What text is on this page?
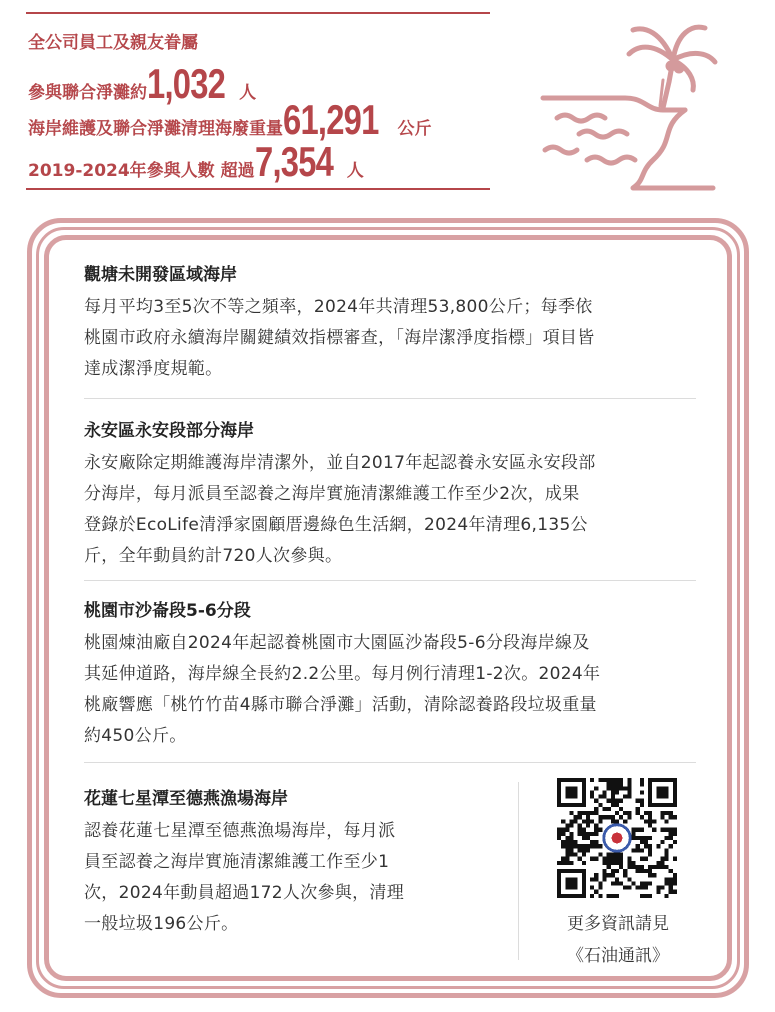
全公司員工及親友眷屬
參與聯合淨灘約1,032 人
海岸維護及聯合淨灘清理海廢重量61,291 公斤
2019-2024年參與人數 超過7,354 人
觀塘未開發區域海岸
每月平均3至5次不等之頻率，2024年共清理53,800公斤；每季依
桃園市政府永續海岸關鍵績效指標審查，「海岸潔淨度指標」項目皆
達成潔淨度規範。
永安區永安段部分海岸
永安廠除定期維護海岸清潔外，並自2017年起認養永安區永安段部
分海岸，每月派員至認養之海岸實施清潔維護工作至少2次，成果
登錄於EcoLife清淨家園顧厝邊綠色生活網，2024年清理6,135公
斤，全年動員約計720人次參與。
桃園市沙崙段5-6分段
桃園煉油廠自2024年起認養桃園市大園區沙崙段5-6分段海岸線及
其延伸道路，海岸線全長約2.2公里。每月例行清理1-2次。2024年
桃廠響應「桃竹竹苗4縣市聯合淨灘」活動，清除認養路段垃圾重量
約450公斤。
花蓮七星潭至德燕漁場海岸
認養花蓮七星潭至德燕漁場海岸，每月派
員至認養之海岸實施清潔維護工作至少1
次，2024年動員超過172人次參與，清理
一般垃圾196公斤。	更多資訊請見
《石油通訊》
